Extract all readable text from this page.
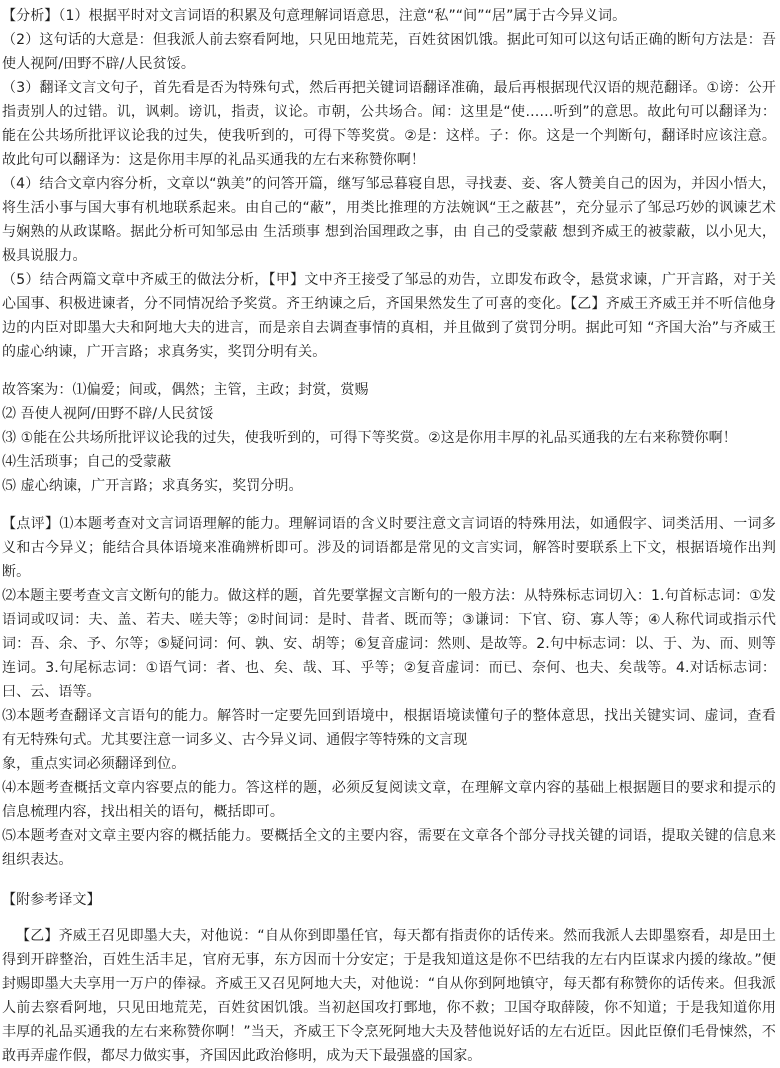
【分析】（1）根据平时对文言词语的积累及句意理解词语意思，注意“私”“间”“居”属于古今异义词。

（2）这句话的大意是：但我派人前去察看阿地，只见田地荒芜，百姓贫困饥饿。据此可知可以这句话正确的断句方法是：吾使人视阿/田野不辟/人民贫馁。

（3）翻译文言文句子，首先看是否为特殊句式，然后再把关键词语翻译准确，最后再根据现代汉语的规范翻译。①谤：公开指责别人的过错。讥，讽刺。谤讥，指责，议论。市朝，公共场合。闻：这里是“使……听到”的意思。故此句可以翻译为：能在公共场所批评议论我的过失，使我听到的，可得下等奖赏。②是：这样。子：你。这是一个判断句，翻译时应该注意。故此句可以翻译为：这是你用丰厚的礼品买通我的左右来称赞你啊！

（4）结合文章内容分析，文章以“孰美”的问答开篇，继写邹忌暮寝自思，寻找妻、妾、客人赞美自己的因为，并因小悟大，将生活小事与国大事有机地联系起来。由自己的“蔽”，用类比推理的方法婉讽“王之蔽甚”，充分显示了邹忌巧妙的讽谏艺术与娴熟的从政谋略。据此分析可知邹忌由 生活琐事 想到治国理政之事，由 自己的受蒙蔽 想到齐威王的被蒙蔽，以小见大，极具说服力。

（5）结合两篇文章中齐威王的做法分析，【甲】文中齐王接受了邹忌的劝告，立即发布政令，悬赏求谏，广开言路，对于关心国事、积极进谏者，分不同情况给予奖赏。齐王纳谏之后，齐国果然发生了可喜的变化。【乙】齐威王齐威王并不听信他身边的内臣对即墨大夫和阿地大夫的进言，而是亲自去调查事情的真相，并且做到了赏罚分明。据此可知 “齐国大治”与齐威王的虚心纳谏，广开言路；求真务实，奖罚分明有关。

故答案为：⑴偏爱；间或，偶然；主管，主政；封赏，赏赐

⑵ 吾使人视阿/田野不辟/人民贫馁

⑶ ①能在公共场所批评议论我的过失，使我听到的，可得下等奖赏。②这是你用丰厚的礼品买通我的左右来称赞你啊！

⑷生活琐事；自己的受蒙蔽

⑸ 虚心纳谏，广开言路；求真务实，奖罚分明。

【点评】⑴本题考查对文言词语理解的能力。理解词语的含义时要注意文言词语的特殊用法，如通假字、词类活用、一词多义和古今异义；能结合具体语境来准确辨析即可。涉及的词语都是常见的文言实词，解答时要联系上下文，根据语境作出判断。

⑵本题主要考查文言文断句的能力。做这样的题，首先要掌握文言断句的一般方法：从特殊标志词切入：1.句首标志词：①发语词或叹词：夫、盖、若夫、嗟夫等；②时间词：是时、昔者、既而等；③谦词：下官、窃、寡人等；④人称代词或指示代词：吾、余、予、尔等；⑤疑问词：何、孰、安、胡等；⑥复音虚词：然则、是故等。2.句中标志词：以、于、为、而、则等连词。3.句尾标志词：①语气词：者、也、矣、哉、耳、乎等；②复音虚词：而已、奈何、也夫、矣哉等。4.对话标志词：曰、云、语等。

⑶本题考查翻译文言语句的能力。解答时一定要先回到语境中，根据语境读懂句子的整体意思，找出关键实词、虚词，查看有无特殊句式。尤其要注意一词多义、古今异义词、通假字等特殊的文言现

象，重点实词必须翻译到位。

⑷本题考查概括文章内容要点的能力。答这样的题，必须反复阅读文章，在理解文章内容的基础上根据题目的要求和提示的信息梳理内容，找出相关的语句，概括即可。

⑸本题考查对文章主要内容的概括能力。要概括全文的主要内容，需要在文章各个部分寻找关键的词语，提取关键的信息来组织表达。

【附参考译文】

【乙】齐威王召见即墨大夫，对他说：“自从你到即墨任官，每天都有指责你的话传来。然而我派人去即墨察看，却是田土得到开辟整治，百姓生活丰足，官府无事，东方因而十分安定；于是我知道这是你不巴结我的左右内臣谋求内援的缘故。”便封赐即墨大夫享用一万户的俸禄。齐威王又召见阿地大夫，对他说：“自从你到阿地镇守，每天都有称赞你的话传来。但我派人前去察看阿地，只见田地荒芜，百姓贫困饥饿。当初赵国攻打鄄地，你不救；卫国夺取薛陵，你不知道；于是我知道你用丰厚的礼品买通我的左右来称赞你啊！”当天，齐威王下令烹死阿地大夫及替他说好话的左右近臣。因此臣僚们毛骨悚然，不敢再弄虚作假，都尽力做实事，齐国因此政治修明，成为天下最强盛的国家。
